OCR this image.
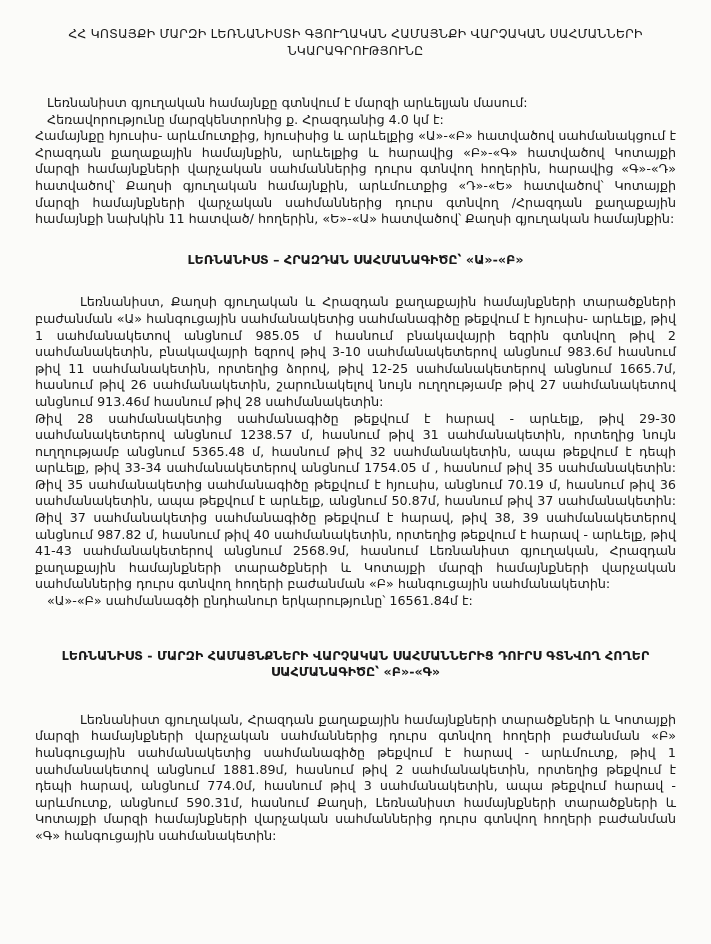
ՀՀ ԿՈՏԱՅՔԻ ՄԱՐԶԻ ԼԵՌՆԱՆԻՍՏԻ ԳՅՈՒՂԱԿԱՆ ՀԱՄԱՅՆՔԻ ՎԱՐՉԱԿԱՆ ՍԱՀՄԱՆՆԵՐԻ
ՆԿԱՐԱԳՐՈՒԹՅՈՒՆԸ

Լեռնանիստ գյուղական համայնքը գտնվում է մարզի արևելյան մասում:

Հեռավորությունը մարզկենտրոնից ք. Հրազդանից 4.0 կմ է:

Համայնքը հյուսիս- արևմուտքից, հյուսիսից և արևելքից «Ա»-«Բ» հատվածով սահմանակցում է Հրազդան քաղաքային համայնքին, արևելքից և հարավից «Բ»-«Գ» հատվածով Կոտայքի մարզի համայնքների վարչական սահմաններից դուրս գտնվող հողերին, հարավից «Գ»-«Դ» հատվածով՝ Քաղսի գյուղական համայնքին, արևմուտքից «Դ»-«Ե» հատվածով՝ Կոտայքի մարզի համայնքների վարչական սահմաններից դուրս գտնվող /Հրազդան քաղաքային համայնքի նախկին 11 հատված/ հողերին, «Ե»-«Ա» հատվածով՝ Քաղսի գյուղական համայնքին:

ԼԵՌՆԱՆԻՍՏ – ՀՐԱԶԴԱՆ ՍԱՀՄԱՆԱԳԻԾԸ՝ «Ա»-«Բ»

Լեռնանիստ, Քաղսի գյուղական և Հրազդան քաղաքային համայնքների տարածքների բաժանման «Ա» հանգուցային սահմանակետից սահմանագիծը թեքվում է հյուսիս- արևելք, թիվ 1 սահմանակետով անցնում 985.05 մ հասնում բնակավայրի եզրին գտնվող թիվ 2 սահմանակետին, բնակավայրի եզրով թիվ 3-10 սահմանակետերով անցնում 983.6մ հասնում թիվ 11 սահմանակետին, որտեղից ձորով, թիվ 12-25 սահմանակետերով անցնում 1665.7մ, հասնում թիվ 26 սահմանակետին, շարունակելով նույն ուղղությամբ թիվ 27 սահմանակետով անցնում 913.46մ հասնում թիվ 28 սահմանակետին:

Թիվ 28 սահմանակետից սահմանագիծը թեքվում է հարավ - արևելք, թիվ 29-30 սահմանակետերով անցնում 1238.57 մ, հասնում թիվ 31 սահմանակետին, որտեղից նույն ուղղությամբ անցնում 5365.48 մ, հասնում թիվ 32 սահմանակետին, ապա թեքվում է դեպի արևելք, թիվ 33-34 սահմանակետերով անցնում 1754.05 մ , հասնում թիվ 35 սահմանակետին: Թիվ 35 սահմանակետից սահմանագիծը թեքվում է հյուսիս, անցնում 70.19 մ, հասնում թիվ 36 սահմանակետին, ապա թեքվում է արևելք, անցնում 50.87մ, հասնում թիվ 37 սահմանակետին: Թիվ 37 սահմանակետից սահմանագիծը թեքվում է հարավ, թիվ 38, 39 սահմանակետերով անցնում 987.82 մ, հասնում թիվ 40 սահմանակետին, որտեղից թեքվում է հարավ - արևելք, թիվ 41-43 սահմանակետերով անցնում 2568.9մ, հասնում Լեռնանիստ գյուղական, Հրազդան քաղաքային համայնքների տարածքների և Կոտայքի մարզի համայնքների վարչական սահմաններից դուրս գտնվող հողերի բաժանման «Բ» հանգուցային սահմանակետին:

«Ա»-«Բ» սահմանագծի ընդհանուր երկարությունը՝ 16561.84մ է:

ԼԵՌՆԱՆԻՍՏ - ՄԱՐԶԻ ՀԱՄԱՅՆՔՆԵՐԻ ՎԱՐՉԱԿԱՆ ՍԱՀՄԱՆՆԵՐԻՑ ԴՈՒՐՍ ԳՏՆՎՈՂ ՀՈՂԵՐ
ՍԱՀՄԱՆԱԳԻԾԸ՝ «Բ»-«Գ»

Լեռնանիստ գյուղական, Հրազդան քաղաքային համայնքների տարածքների և Կոտայքի մարզի համայնքների վարչական սահմաններից դուրս գտնվող հողերի բաժանման «Բ» հանգուցային սահմանակետից սահմանագիծը թեքվում է հարավ - արևմուտք, թիվ 1 սահմանակետով անցնում 1881.89մ, հասնում թիվ 2 սահմանակետին, որտեղից թեքվում է դեպի հարավ, անցնում 774.0մ, հասնում թիվ 3 սահմանակետին, ապա թեքվում հարավ - արևմուտք, անցնում 590.31մ, հասնում Քաղսի, Լեռնանիստ համայնքների տարածքների և Կոտայքի մարզի համայնքների վարչական սահմաններից դուրս գտնվող հողերի բաժանման «Գ» հանգուցային սահմանակետին:
